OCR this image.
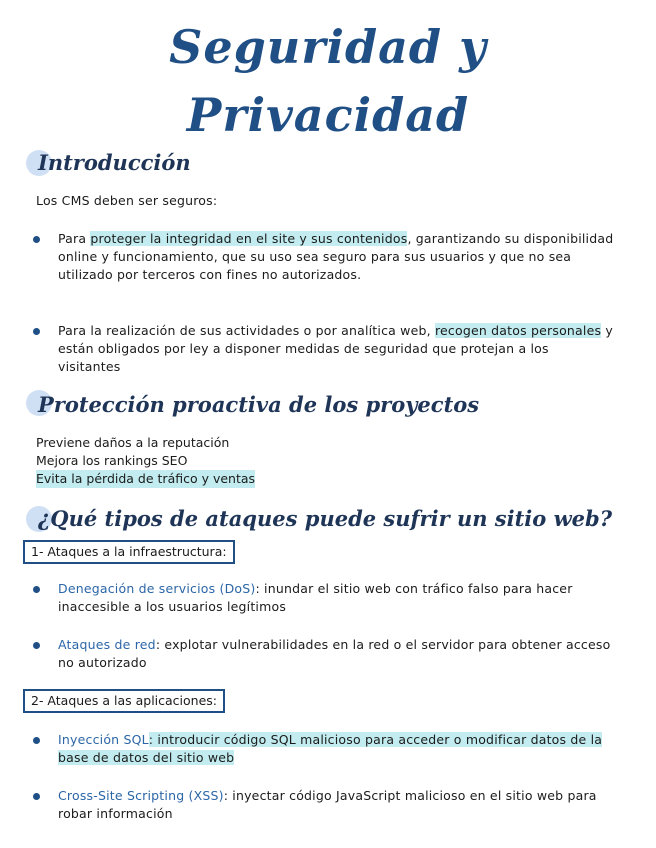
Seguridad y
Privacidad
Introducción

Los CMS deben ser seguros:

Para proteger la integridad en el site y sus contenidos, garantizando su disponibilidad online y funcionamiento, que su uso sea seguro para sus usuarios y que no sea utilizado por terceros con fines no autorizados.
Para la realización de sus actividades o por analítica web, recogen datos personales y están obligados por ley a disponer medidas de seguridad que protejan a los visitantes
Protección proactiva de los proyectos
Previene daños a la reputación
Mejora los rankings SEO
Evita la pérdida de tráfico y ventas
¿Qué tipos de ataques puede sufrir un sitio web?
1- Ataques a la infraestructura:
Denegación de servicios (DoS): inundar el sitio web con tráfico falso para hacer inaccesible a los usuarios legítimos
Ataques de red: explotar vulnerabilidades en la red o el servidor para obtener acceso no autorizado
2- Ataques a las aplicaciones:
Inyección SQL: introducir código SQL malicioso para acceder o modificar datos de la base de datos del sitio web
Cross-Site Scripting (XSS): inyectar código JavaScript malicioso en el sitio web para robar información
